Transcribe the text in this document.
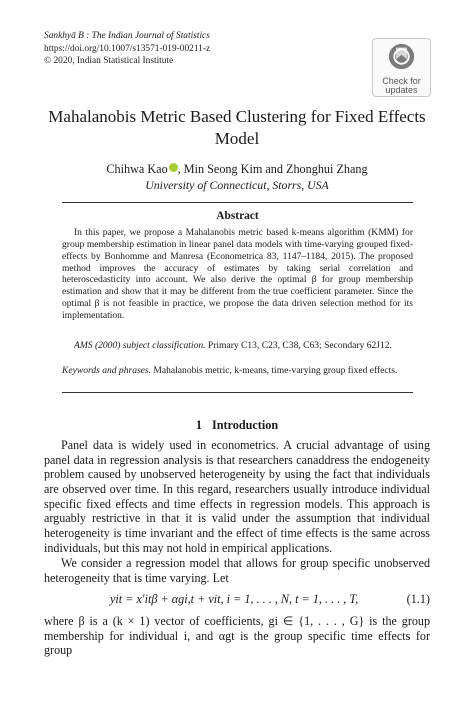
Sankhyā B : The Indian Journal of Statistics
https://doi.org/10.1007/s13571-019-00211-z
© 2020, Indian Statistical Institute
Check for
updates
Mahalanobis Metric Based Clustering for Fixed Effects Model
Chihwa Kao , Min Seong Kim and Zhonghui Zhang
University of Connecticut, Storrs, USA
Abstract
In this paper, we propose a Mahalanobis metric based k-means algorithm (KMM) for group membership estimation in linear panel data models with time-varying grouped fixed-effects by Bonhomme and Manresa (Econometrica 83, 1147–1184, 2015). The proposed method improves the accuracy of estimates by taking serial correlation and heteroscedasticity into account. We also derive the optimal β for group membership estimation and show that it may be different from the true coefficient parameter. Since the optimal β is not feasible in practice, we propose the data driven selection method for its implementation.
AMS (2000) subject classification. Primary C13, C23, C38, C63; Secondary 62J12.
Keywords and phrases. Mahalanobis metric, k-means, time-varying group fixed effects.
1 Introduction
Panel data is widely used in econometrics. A crucial advantage of using panel data in regression analysis is that researchers canaddress the endogeneity problem caused by unobserved heterogeneity by using the fact that individuals are observed over time. In this regard, researchers usually introduce individual specific fixed effects and time effects in regression models. This approach is arguably restrictive in that it is valid under the assumption that individual heterogeneity is time invariant and the effect of time effects is the same across individuals, but this may not hold in empirical applications.
We consider a regression model that allows for group specific unobserved heterogeneity that is time varying. Let
yit = x′itβ + αgi,t + vit, i = 1, . . . , N, t = 1, . . . , T,	(1.1)
where β is a (k × 1) vector of coefficients, gi ∈ {1, . . . , G} is the group membership for individual i, and αgt is the group specific time effects for group
